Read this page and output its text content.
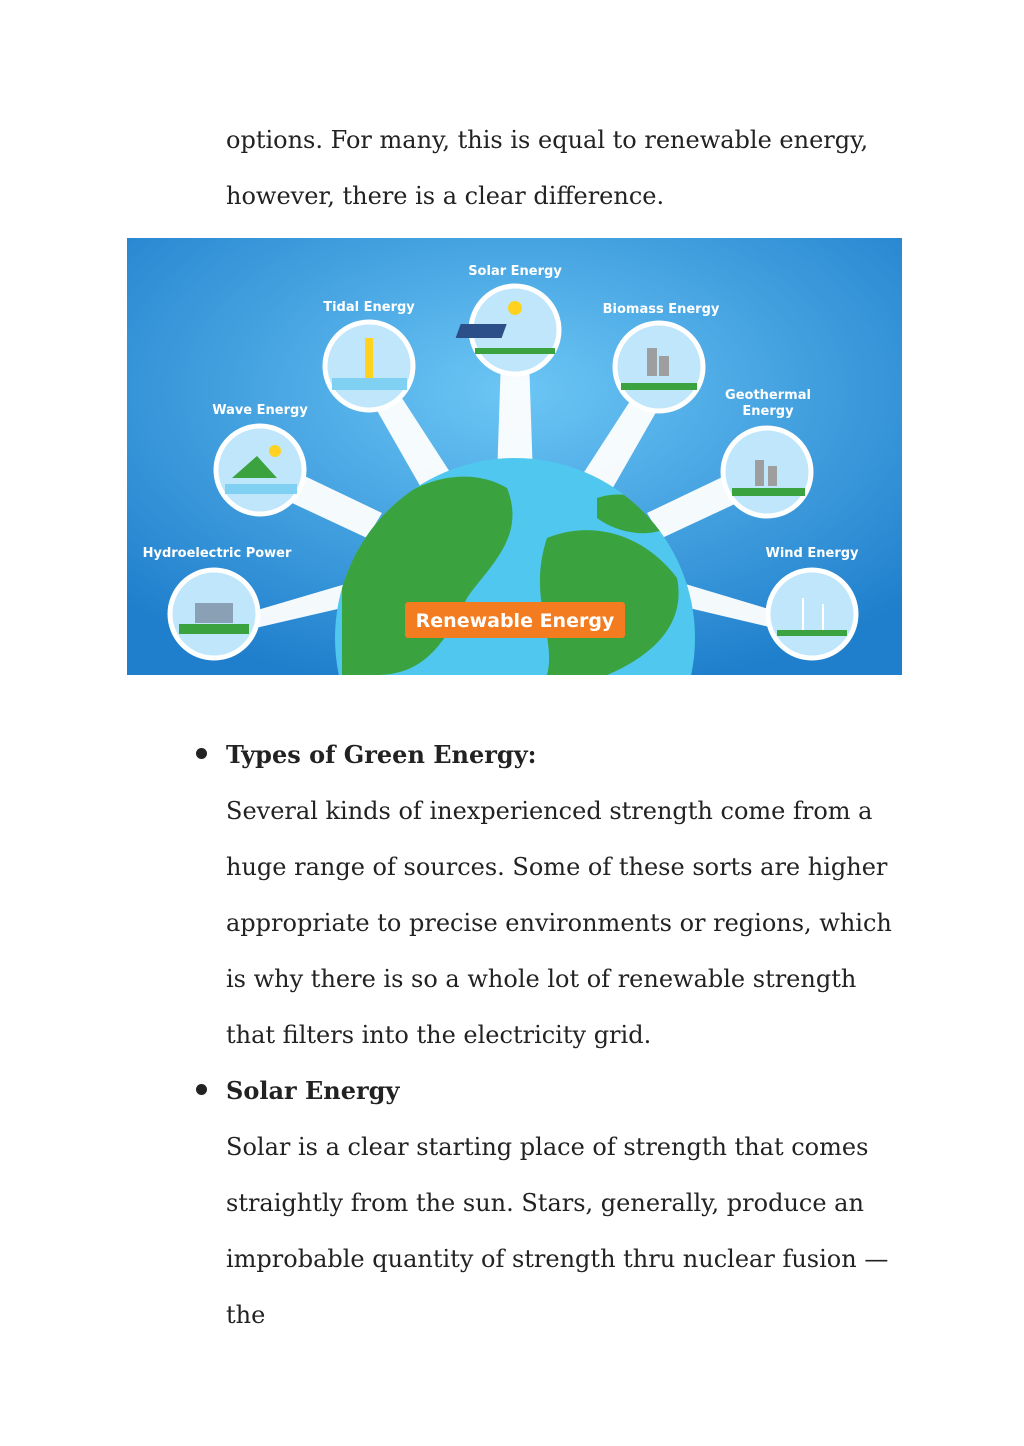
options. For many, this is equal to renewable energy, however, there is a clear difference.

Renewable Energy
Solar Energy
Tidal Energy	Biomass Energy
Wave Energy
Geothermal
Energy
Hydroelectric Power	Wind Energy

Types of Green Energy:

Several kinds of inexperienced strength come from a huge range of sources. Some of these sorts are higher appropriate to precise environments or regions, which is why there is so a whole lot of renewable strength that filters into the electricity grid.

Solar Energy

Solar is a clear starting place of strength that comes straightly from the sun. Stars, generally, produce an improbable quantity of strength thru nuclear fusion — the
